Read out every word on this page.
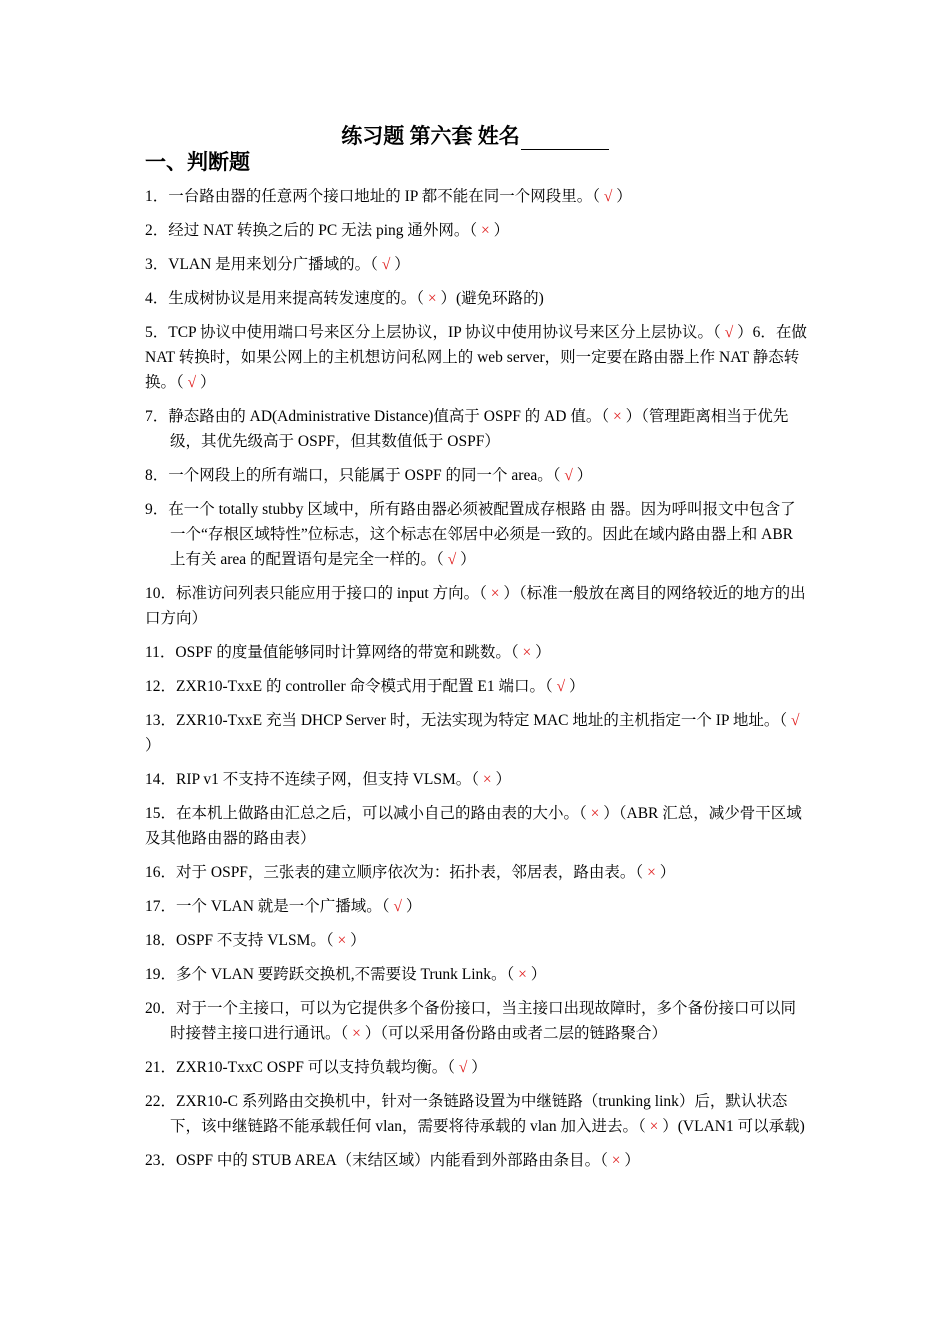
练习题 第六套 姓名
一、判断题

1．一台路由器的任意两个接口地址的 IP 都不能在同一个网段里。（ √ ）

2．经过 NAT 转换之后的 PC 无法 ping 通外网。（ × ）

3．VLAN 是用来划分广播域的。（ √ ）

4．生成树协议是用来提高转发速度的。（ × ）(避免环路的)

5．TCP 协议中使用端口号来区分上层协议，IP 协议中使用协议号来区分上层协议。（ √ ）6．在做 NAT 转换时，如果公网上的主机想访问私网上的 web server，则一定要在路由器上作 NAT 静态转换。（ √ ）

7．静态路由的 AD(Administrative Distance)值高于 OSPF 的 AD 值。（ × ）（管理距离相当于优先级，其优先级高于 OSPF，但其数值低于 OSPF）

8．一个网段上的所有端口，只能属于 OSPF 的同一个 area。（ √ ）

9．在一个 totally stubby 区域中，所有路由器必须被配置成存根路 由 器。因为呼叫报文中包含了一个“存根区域特性”位标志，这个标志在邻居中必须是一致的。因此在域内路由器上和 ABR 上有关 area 的配置语句是完全一样的。（ √ ）

10．标准访问列表只能应用于接口的 input 方向。（ × ）（标准一般放在离目的网络较近的地方的出口方向）

11．OSPF 的度量值能够同时计算网络的带宽和跳数。（ × ）

12．ZXR10-TxxE 的 controller 命令模式用于配置 E1 端口。（ √ ）

13．ZXR10-TxxE 充当 DHCP Server 时，无法实现为特定 MAC 地址的主机指定一个 IP 地址。（ √ ）

14．RIP v1 不支持不连续子网，但支持 VLSM。（ × ）

15．在本机上做路由汇总之后，可以减小自己的路由表的大小。（ × ）（ABR 汇总，减少骨干区域及其他路由器的路由表）

16．对于 OSPF，三张表的建立顺序依次为：拓扑表，邻居表，路由表。（ × ）

17．一个 VLAN 就是一个广播域。（ √ ）

18．OSPF 不支持 VLSM。（ × ）

19．多个 VLAN 要跨跃交换机,不需要设 Trunk Link。（ × ）

20．对于一个主接口，可以为它提供多个备份接口，当主接口出现故障时，多个备份接口可以同时接替主接口进行通讯。（ × ）（可以采用备份路由或者二层的链路聚合）

21．ZXR10-TxxC OSPF 可以支持负载均衡。（ √ ）

22．ZXR10-C 系列路由交换机中，针对一条链路设置为中继链路（trunking link）后，默认状态下，该中继链路不能承载任何 vlan，需要将待承载的 vlan 加入进去。（ × ）(VLAN1 可以承载)

23．OSPF 中的 STUB AREA（末结区域）内能看到外部路由条目。（ × ）
